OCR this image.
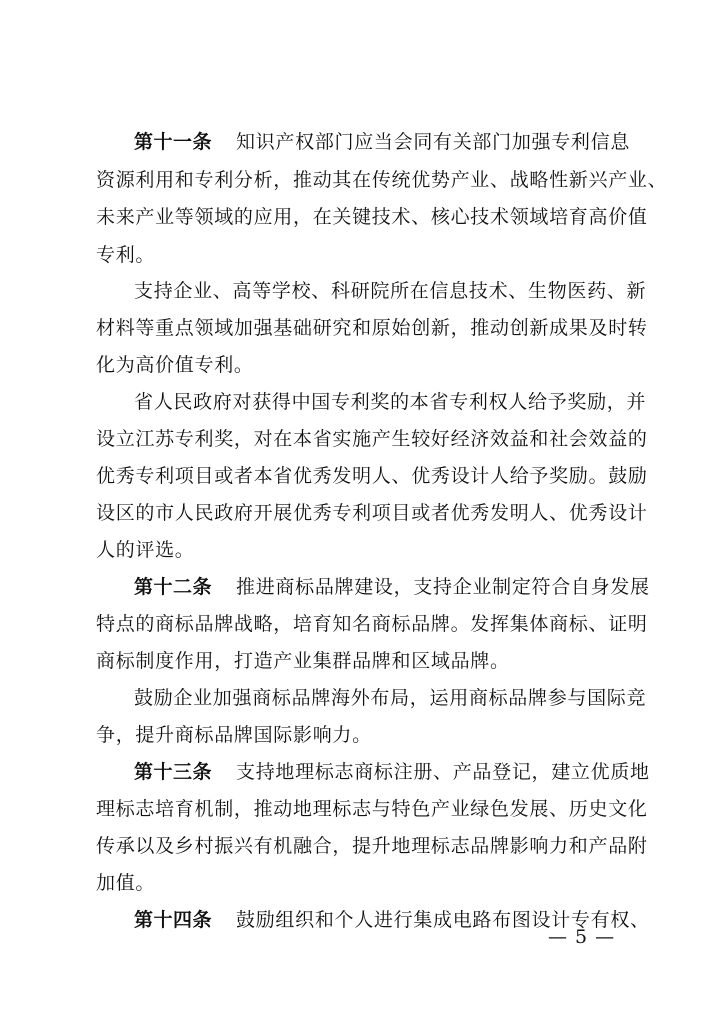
第十一条 知识产权部门应当会同有关部门加强专利信息
资源利用和专利分析，推动其在传统优势产业、战略性新兴产业、
未来产业等领域的应用，在关键技术、核心技术领域培育高价值
专利。
支持企业、高等学校、科研院所在信息技术、生物医药、新
材料等重点领域加强基础研究和原始创新，推动创新成果及时转
化为高价值专利。
省人民政府对获得中国专利奖的本省专利权人给予奖励，并
设立江苏专利奖，对在本省实施产生较好经济效益和社会效益的
优秀专利项目或者本省优秀发明人、优秀设计人给予奖励。鼓励
设区的市人民政府开展优秀专利项目或者优秀发明人、优秀设计
人的评选。
第十二条 推进商标品牌建设，支持企业制定符合自身发展
特点的商标品牌战略，培育知名商标品牌。发挥集体商标、证明
商标制度作用，打造产业集群品牌和区域品牌。
鼓励企业加强商标品牌海外布局，运用商标品牌参与国际竞
争，提升商标品牌国际影响力。
第十三条 支持地理标志商标注册、产品登记，建立优质地
理标志培育机制，推动地理标志与特色产业绿色发展、历史文化
传承以及乡村振兴有机融合，提升地理标志品牌影响力和产品附
加值。
第十四条 鼓励组织和个人进行集成电路布图设计专有权、
— 5 —
